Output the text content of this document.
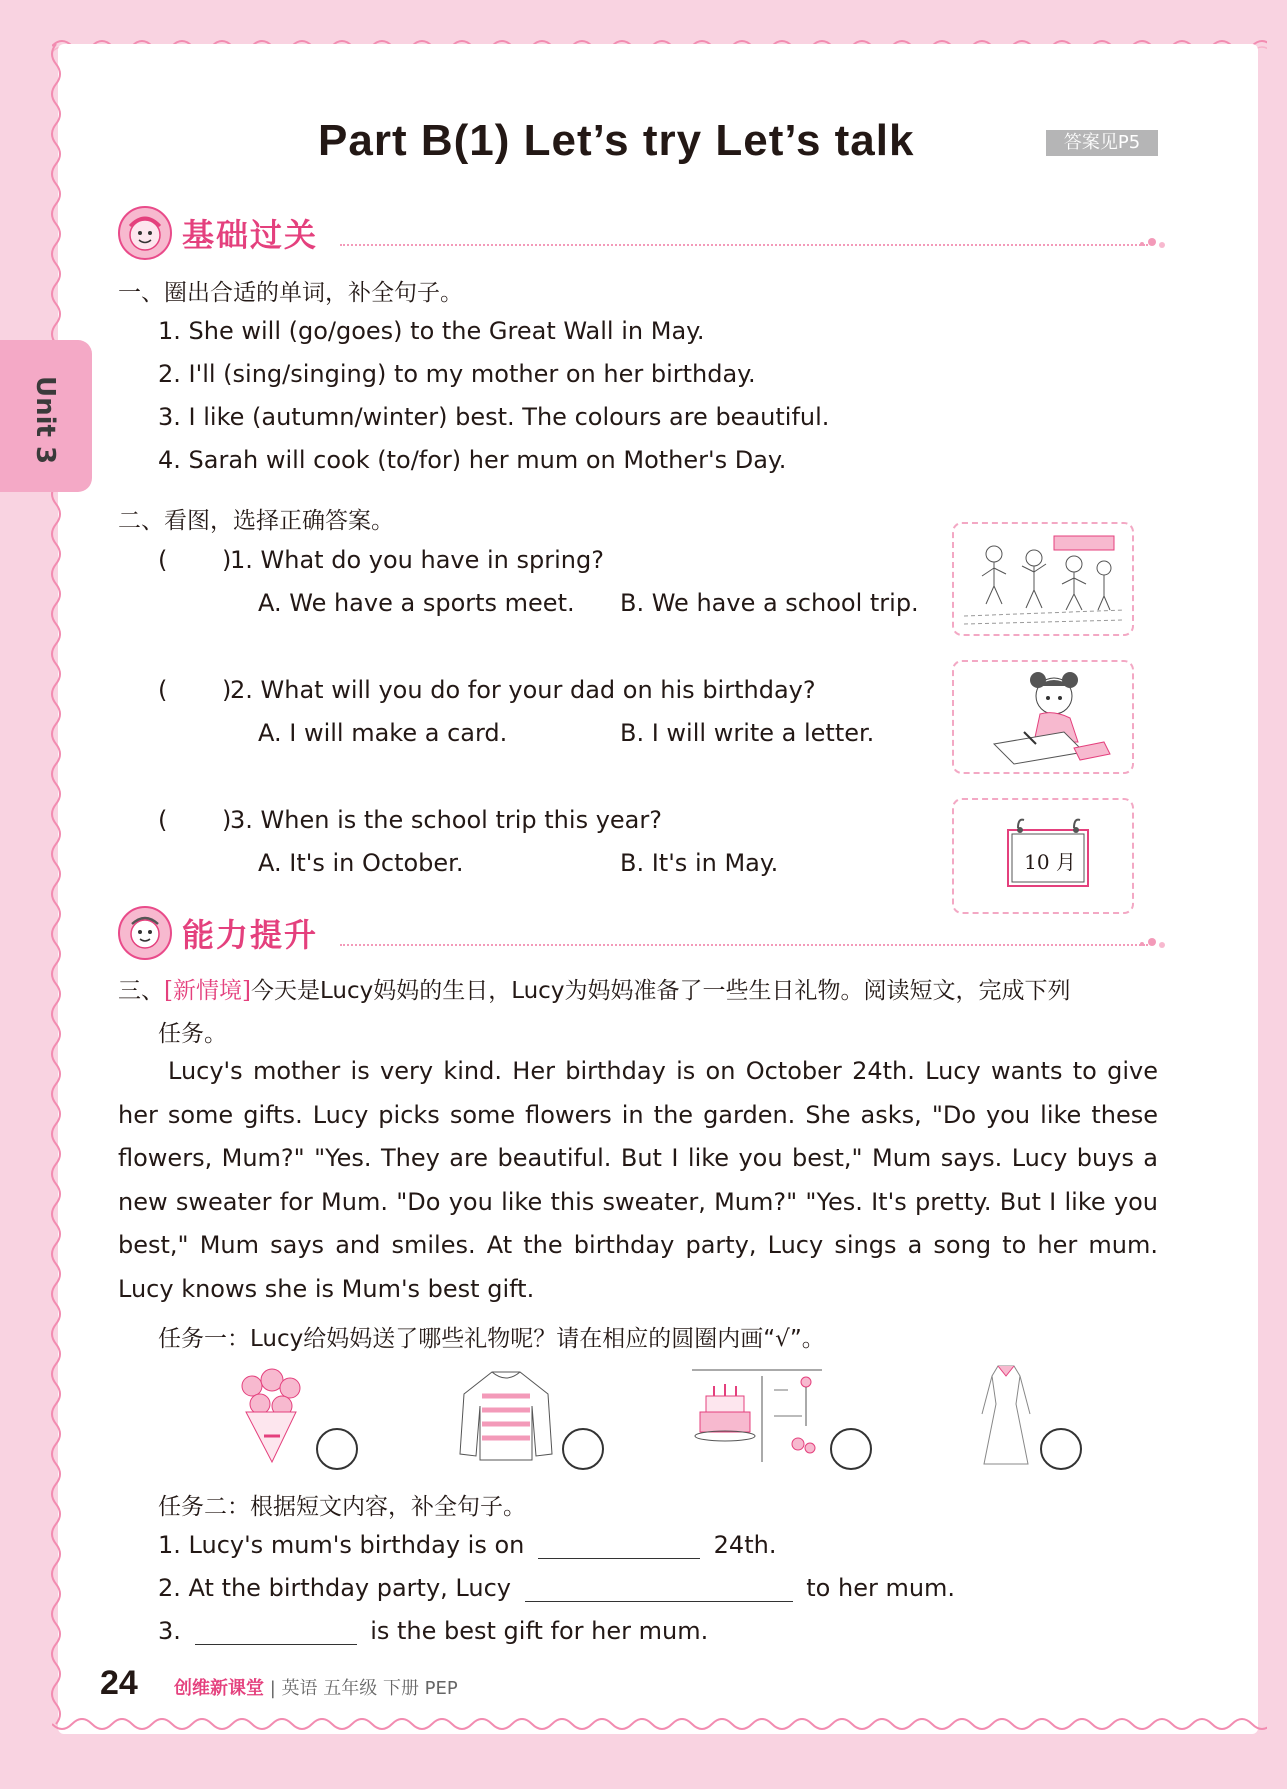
Unit 3
Part B(1) Let’s try Let’s talk	答案见P5
基础过关
一、圈出合适的单词，补全句子。
1. She will (go/goes) to the Great Wall in May.
2. I'll (sing/singing) to my mother on her birthday.
3. I like (autumn/winter) best. The colours are beautiful.
4. Sarah will cook (to/for) her mum on Mother's Day.
二、看图，选择正确答案。
( )
1. What do you have in spring?
A. We have a sports meet. B. We have a school trip.
( )
2. What will you do for your dad on his birthday?
A. I will make a card.	B. I will write a letter.
( )
3. When is the school trip this year?
A. It's in October.	B. It's in May.	10 月
能力提升
三、[新情境]今天是Lucy妈妈的生日，Lucy为妈妈准备了一些生日礼物。阅读短文，完成下列
任务。
Lucy's mother is very kind. Her birthday is on October 24th. Lucy wants to give her some gifts. Lucy picks some flowers in the garden. She asks, "Do you like these flowers, Mum?" "Yes. They are beautiful. But I like you best," Mum says. Lucy buys a new sweater for Mum. "Do you like this sweater, Mum?" "Yes. It's pretty. But I like you best," Mum says and smiles. At the birthday party, Lucy sings a song to her mum. Lucy knows she is Mum's best gift.
任务一：Lucy给妈妈送了哪些礼物呢？请在相应的圆圈内画“√”。
任务二：根据短文内容，补全句子。
1. Lucy's mum's birthday is on	24th.
2. At the birthday party, Lucy	to her mum.
3.	is the best gift for her mum.
24 创维新课堂 | 英语 五年级 下册 PEP
